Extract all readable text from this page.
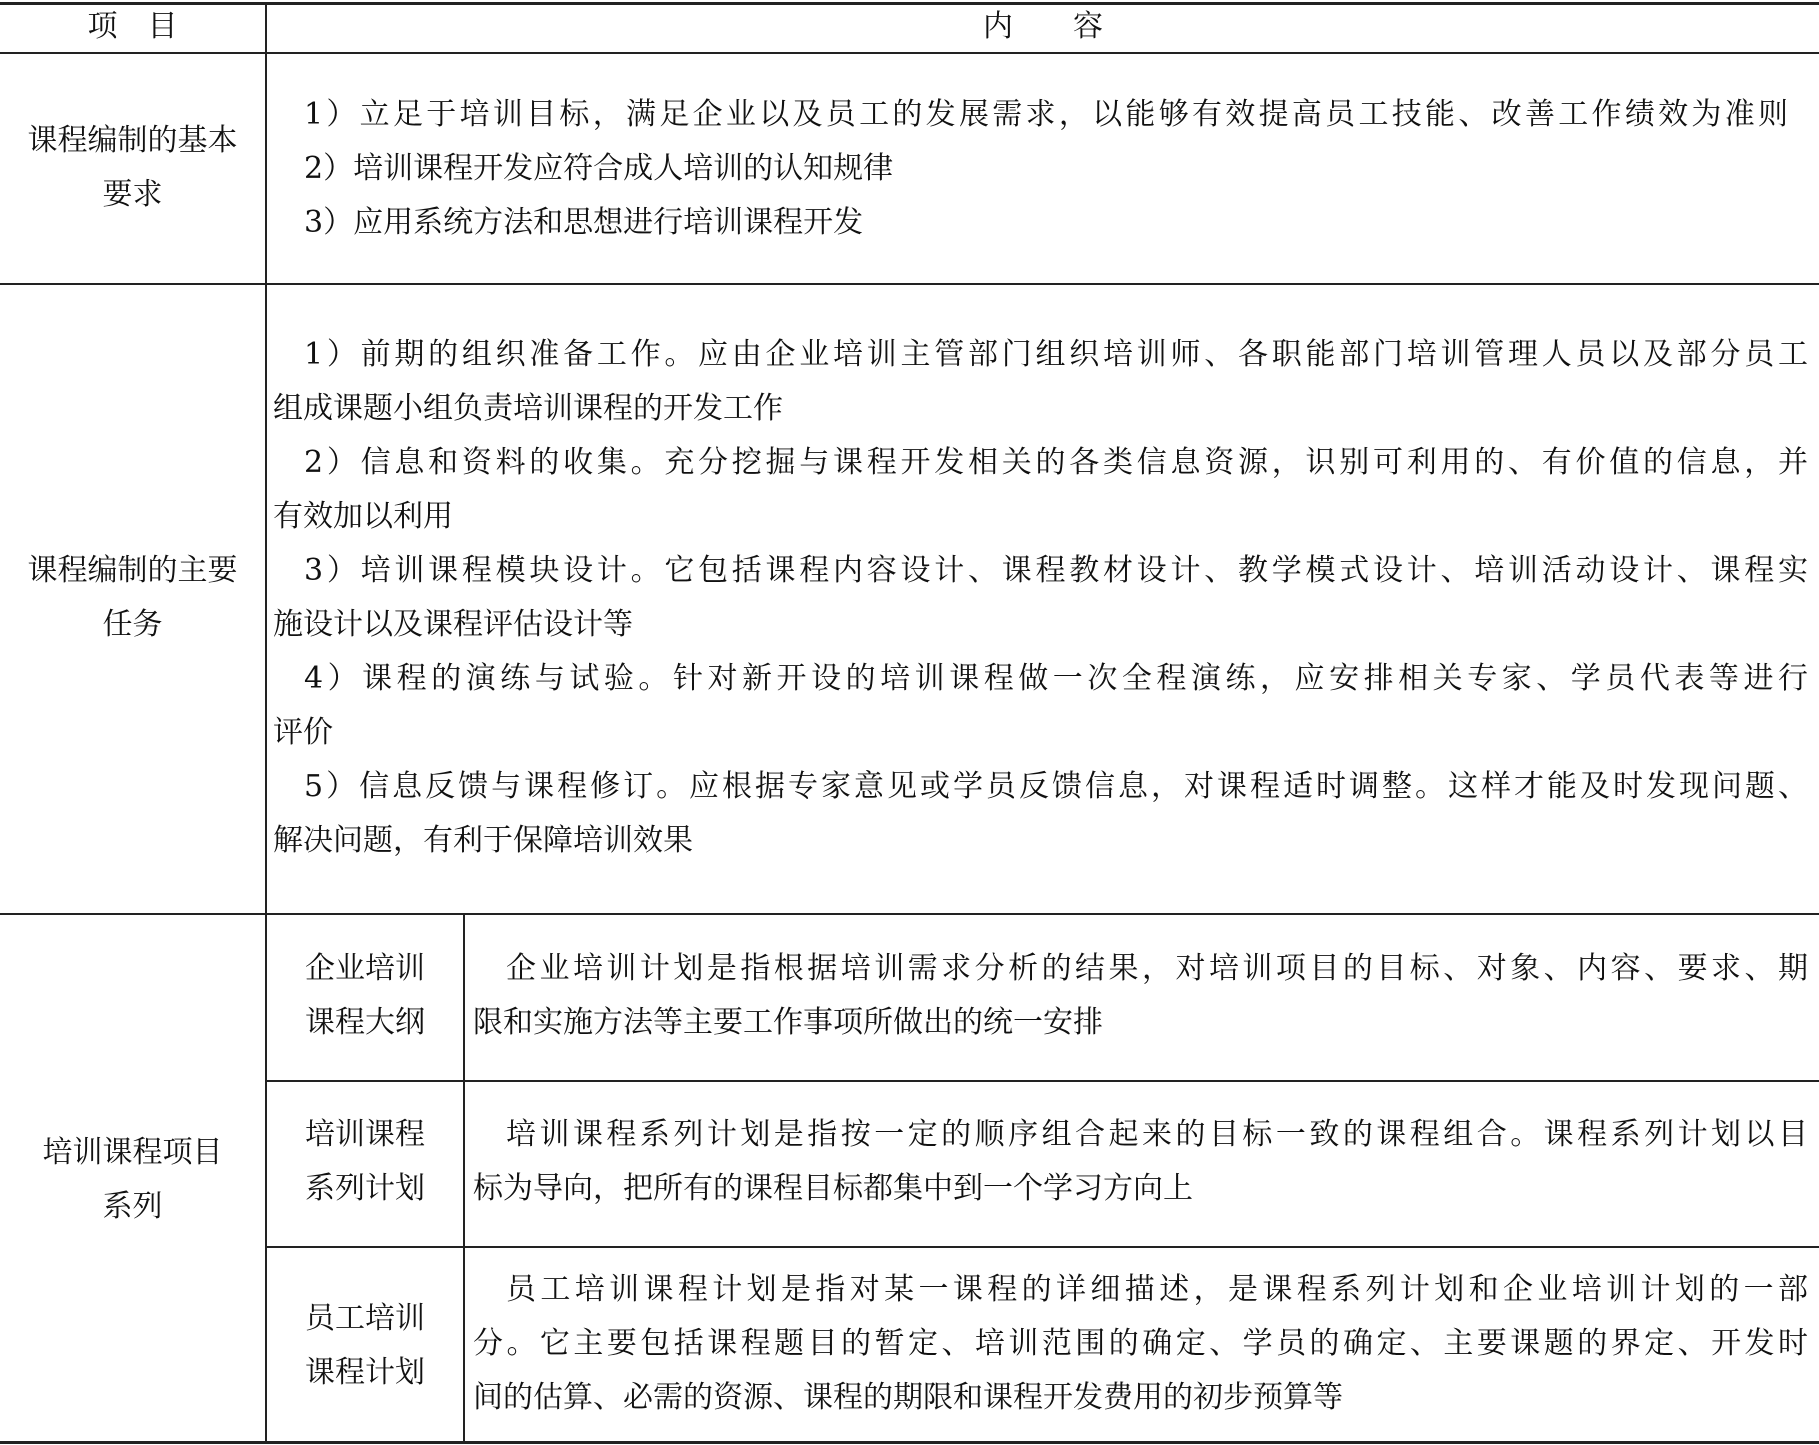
项　目	内　　容
课程编制的基本
要求
1）立足于培训目标，满足企业以及员工的发展需求，以能够有效提高员工技能、改善工作绩效为准则
2）培训课程开发应符合成人培训的认知规律
3）应用系统方法和思想进行培训课程开发
课程编制的主要
任务
1）前期的组织准备工作。应由企业培训主管部门组织培训师、各职能部门培训管理人员以及部分员工
组成课题小组负责培训课程的开发工作
2）信息和资料的收集。充分挖掘与课程开发相关的各类信息资源，识别可利用的、有价值的信息，并
有效加以利用
3）培训课程模块设计。它包括课程内容设计、课程教材设计、教学模式设计、培训活动设计、课程实
施设计以及课程评估设计等
4）课程的演练与试验。针对新开设的培训课程做一次全程演练，应安排相关专家、学员代表等进行
评价
5）信息反馈与课程修订。应根据专家意见或学员反馈信息，对课程适时调整。这样才能及时发现问题、
解决问题，有利于保障培训效果
培训课程项目
系列
企业培训
课程大纲
企业培训计划是指根据培训需求分析的结果，对培训项目的目标、对象、内容、要求、期
限和实施方法等主要工作事项所做出的统一安排
培训课程
系列计划
培训课程系列计划是指按一定的顺序组合起来的目标一致的课程组合。课程系列计划以目
标为导向，把所有的课程目标都集中到一个学习方向上
员工培训
课程计划
员工培训课程计划是指对某一课程的详细描述，是课程系列计划和企业培训计划的一部
分。它主要包括课程题目的暂定、培训范围的确定、学员的确定、主要课题的界定、开发时
间的估算、必需的资源、课程的期限和课程开发费用的初步预算等
